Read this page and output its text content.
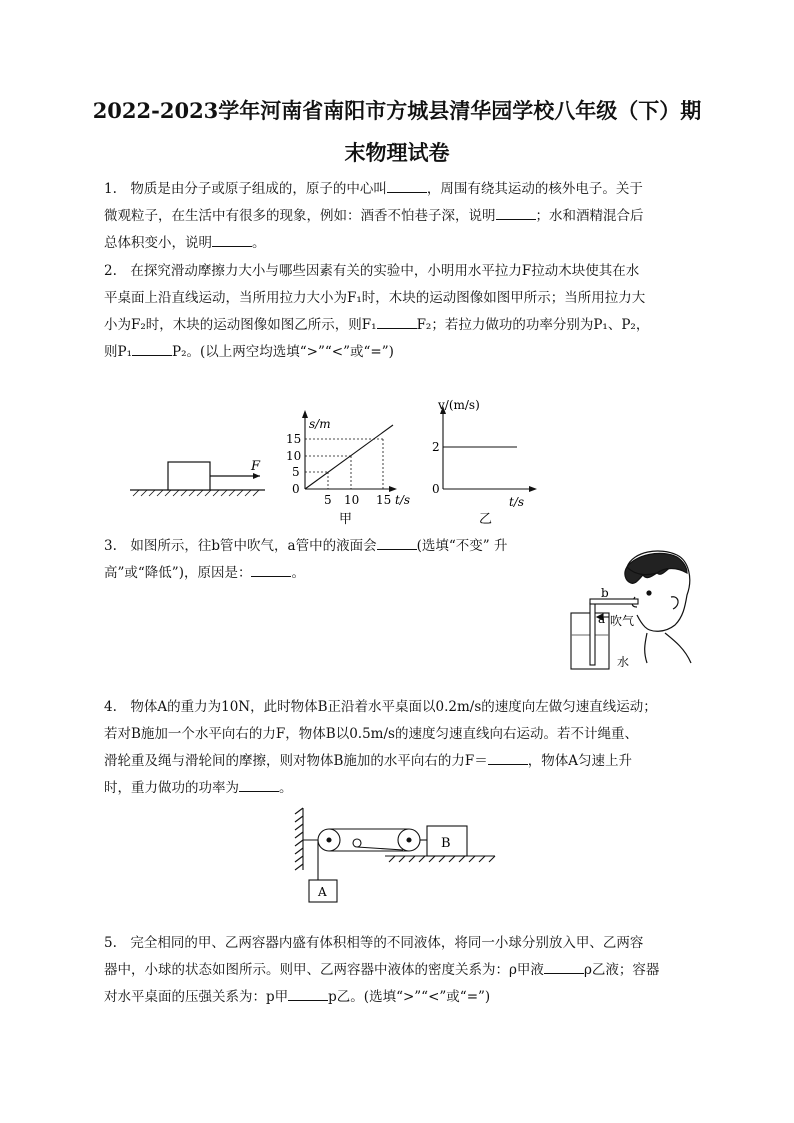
2022-2023学年河南省南阳市方城县清华园学校八年级（下）期
末物理试卷
1.　物质是由分子或原子组成的，原子的中心叫	，周围有绕其运动的核外电子。关于
微观粒子，在生活中有很多的现象，例如：酒香不怕巷子深，说明	；水和酒精混合后
总体积变小，说明	。
2.　在探究滑动摩擦力大小与哪些因素有关的实验中，小明用水平拉力F拉动木块使其在水
平桌面上沿直线运动，当所用拉力大小为F₁时，木块的运动图像如图甲所示；当所用拉力大
小为F₂时，木块的运动图像如图乙所示，则F₁	F₂；若拉力做功的功率分别为P₁、P₂，
则P₁	P₂。(以上两空均选填“>”“<”或“=”)
F
s/m
15
10
5
0
5 10 15 t/s
甲
v/(m/s)
2
0
t/s
乙
3.　如图所示，往b管中吹气，a管中的液面会	(选填“不变” 升
高”或“降低”)，原因是：	。
b
a 吹气
水
4.　物体A的重力为10N，此时物体B正沿着水平桌面以0.2m/s的速度向左做匀速直线运动；
若对B施加一个水平向右的力F，物体B以0.5m/s的速度匀速直线向右运动。若不计绳重、
滑轮重及绳与滑轮间的摩擦，则对物体B施加的水平向右的力F＝	，物体A匀速上升
时，重力做功的功率为	。
B
A
5.　完全相同的甲、乙两容器内盛有体积相等的不同液体，将同一小球分别放入甲、乙两容
器中，小球的状态如图所示。则甲、乙两容器中液体的密度关系为：ρ甲液	ρ乙液；容器
对水平桌面的压强关系为：p甲	p乙。(选填“>”“<”或“=”)
